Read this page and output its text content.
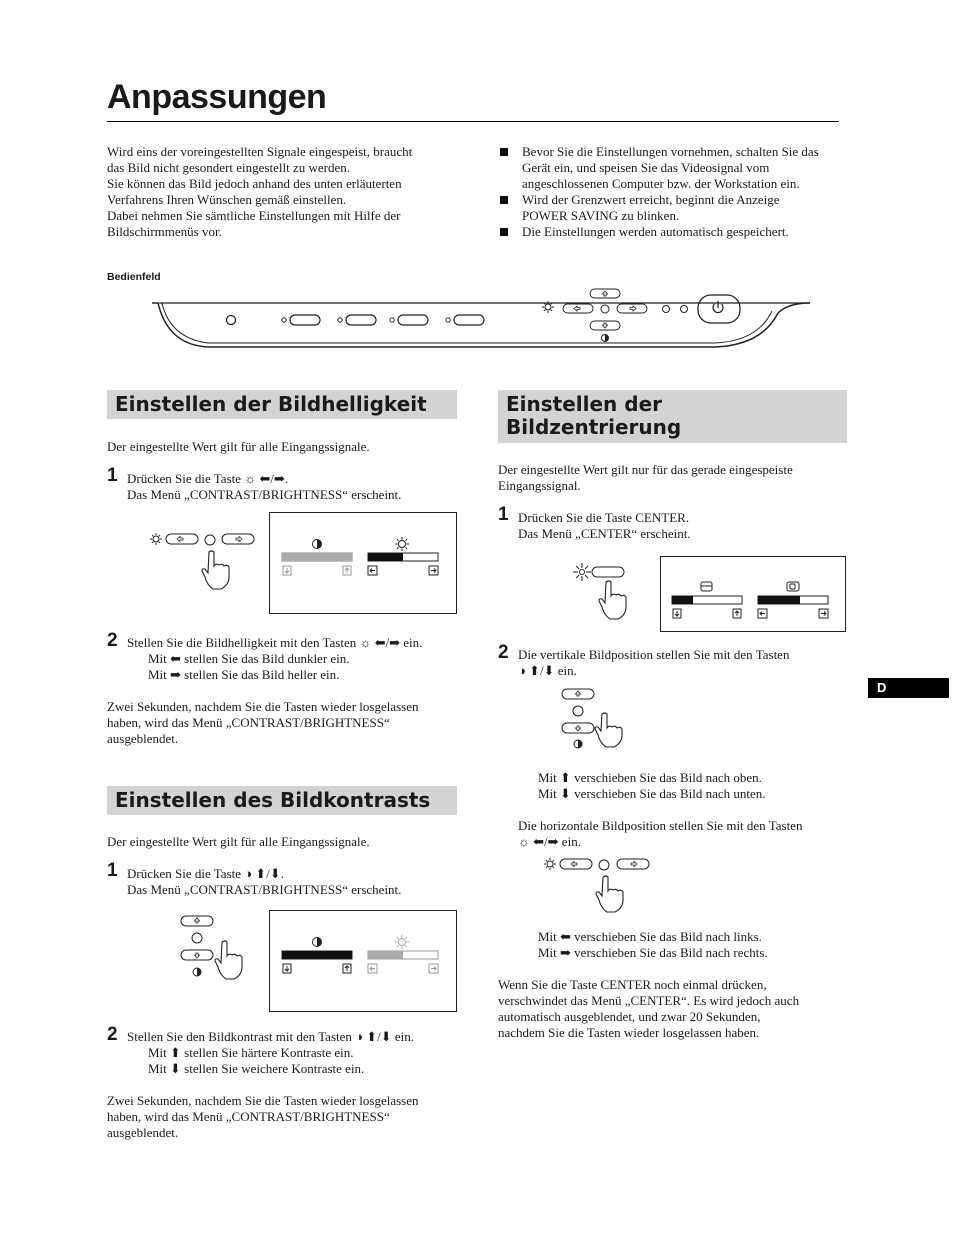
Anpassungen
Wird eins der voreingestellten Signale eingespeist, braucht
das Bild nicht gesondert eingestellt zu werden.
Sie können das Bild jedoch anhand des unten erläuterten
Verfahrens Ihren Wünschen gemäß einstellen.
Dabei nehmen Sie sämtliche Einstellungen mit Hilfe der
Bildschirmmenüs vor.
Bevor Sie die Einstellungen vornehmen, schalten Sie das
Gerät ein, und speisen Sie das Videosignal vom
angeschlossenen Computer bzw. der Workstation ein.
Wird der Grenzwert erreicht, beginnt die Anzeige
POWER SAVING zu blinken.
Die Einstellungen werden automatisch gespeichert.
Bedienfeld
Einstellen der Bildhelligkeit
Der eingestellte Wert gilt für alle Eingangssignale.
1 Drücken Sie die Taste ☼ ⬅/➡.
Das Menü „CONTRAST/BRIGHTNESS“ erscheint.
2 Stellen Sie die Bildhelligkeit mit den Tasten ☼ ⬅/➡ ein.
Mit ⬅ stellen Sie das Bild dunkler ein.
Mit ➡ stellen Sie das Bild heller ein.
Zwei Sekunden, nachdem Sie die Tasten wieder losgelassen
haben, wird das Menü „CONTRAST/BRIGHTNESS“
ausgeblendet.
Einstellen des Bildkontrasts
Der eingestellte Wert gilt für alle Eingangssignale.
1 Drücken Sie die Taste ◑ ⬆/⬇.
Das Menü „CONTRAST/BRIGHTNESS“ erscheint.
2 Stellen Sie den Bildkontrast mit den Tasten ◑ ⬆/⬇ ein.
Mit ⬆ stellen Sie härtere Kontraste ein.
Mit ⬇ stellen Sie weichere Kontraste ein.
Zwei Sekunden, nachdem Sie die Tasten wieder losgelassen
haben, wird das Menü „CONTRAST/BRIGHTNESS“
ausgeblendet.
Einstellen der
Bildzentrierung
Der eingestellte Wert gilt nur für das gerade eingespeiste
Eingangssignal.
1 Drücken Sie die Taste CENTER.
Das Menü „CENTER“ erscheint.
2 Die vertikale Bildposition stellen Sie mit den Tasten
◑ ⬆/⬇ ein.
Mit ⬆ verschieben Sie das Bild nach oben.
Mit ⬇ verschieben Sie das Bild nach unten.
Die horizontale Bildposition stellen Sie mit den Tasten
☼ ⬅/➡ ein.
Mit ⬅ verschieben Sie das Bild nach links.
Mit ➡ verschieben Sie das Bild nach rechts.
Wenn Sie die Taste CENTER noch einmal drücken,
verschwindet das Menü „CENTER“. Es wird jedoch auch
automatisch ausgeblendet, und zwar 20 Sekunden,
nachdem Sie die Tasten wieder losgelassen haben.
D
